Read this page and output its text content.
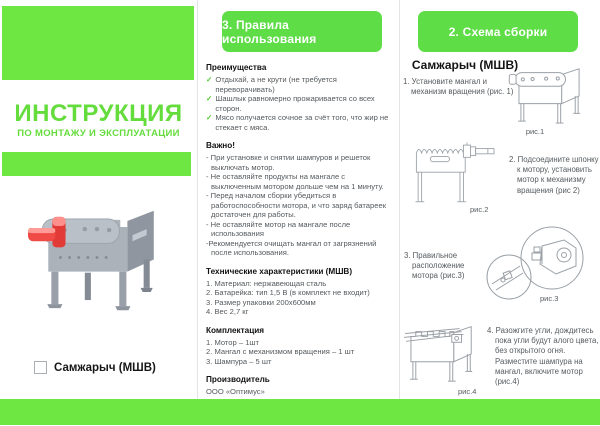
ИНСТРУКЦИЯ
ПО МОНТАЖУ И ЭКСПЛУАТАЦИИ
Самжарыч (МШВ)
3. Правила использования
Преимущества
✓ Отдыхай, а не крути (не требуется переворачивать)
✓ Шашлык равномерно прожаривается со всех сторон.
✓ Мясо получается сочное за счёт того, что жир не стекает с мяса.
Важно!
- При установке и снятии шампуров и решеток выключать мотор.
- Не оставляйте продукты на мангале с выключенным мотором дольше чем на 1 минуту.
- Перед началом сборки убедиться в работоспособности мотора, и что заряд батареек достаточен для работы.
- Не оставляйте мотор на мангале после использования
-Рекомендуется очищать мангал от загрязнений после использования.
Технические характеристики (МШВ)
1. Материал: нержавеющая сталь
2. Батарейка: тип 1,5 В (в комплект не входит)
3. Размер упаковки 200х600мм
4. Вес 2,7 кг
Комплектация
1. Мотор – 1шт
2. Мангал с механизмом вращения – 1 шт
3. Шампура – 5 шт
Производитель
ООО «Оптимус»
2. Схема сборки
Самжарыч (МШВ)
1. Установите мангал и механизм вращения (рис. 1)
рис.1
рис.2
2. Подсоедините шпонку к мотору, установить мотор к механизму вращения (рис 2)
3. Правильное расположение мотора (рис.3)
рис.3
рис.4
4. Разожгите угли, дождитесь пока угли будут алого цвета, без открытого огня. Разместите шампура на мангал, включите мотор (рис.4)
